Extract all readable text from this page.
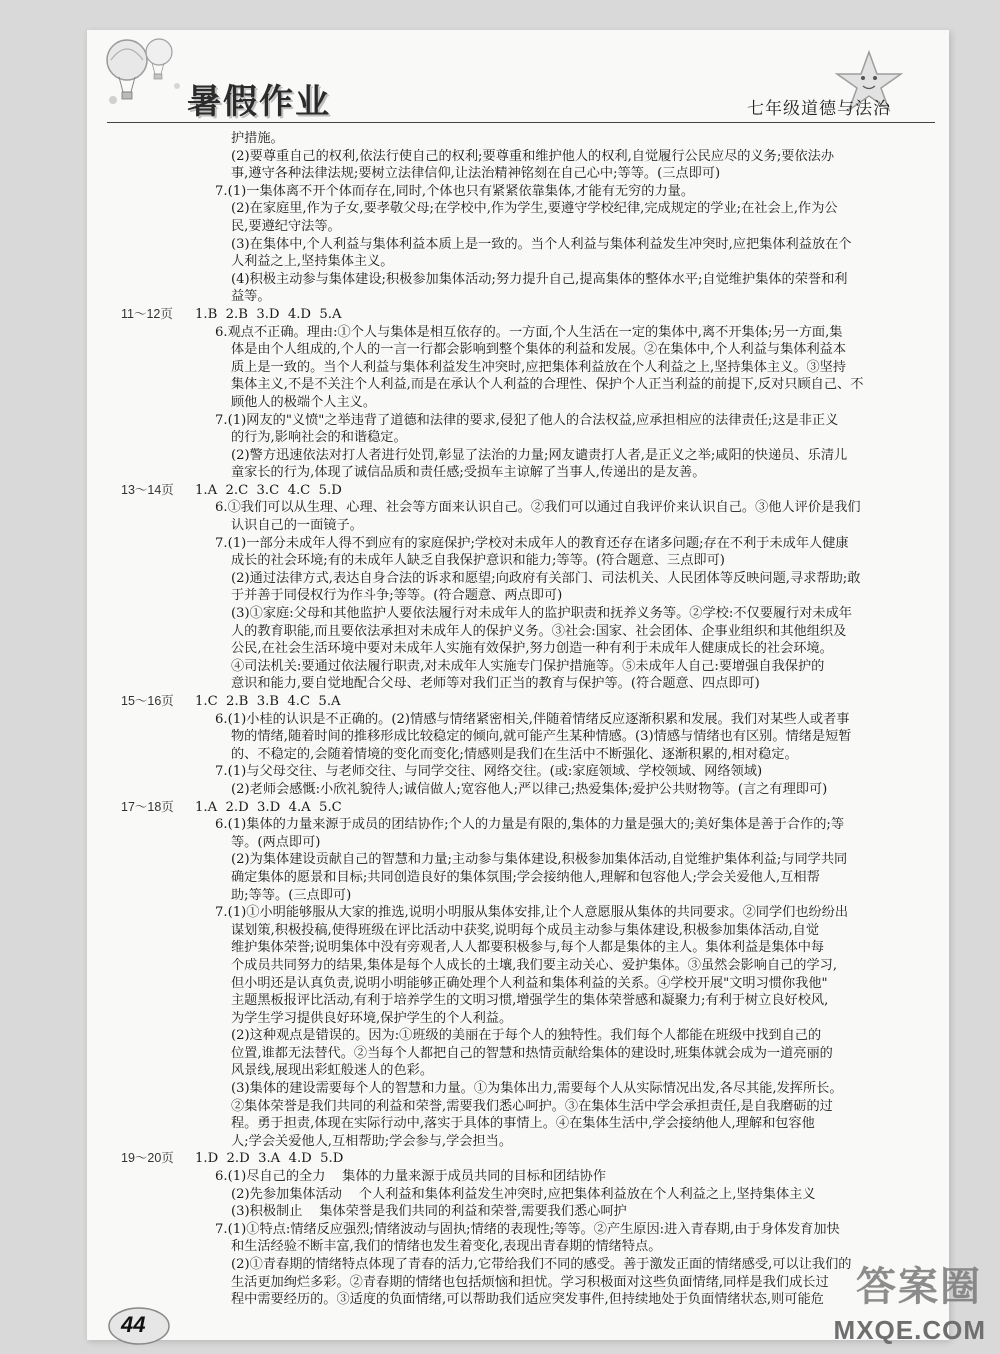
暑假作业	七年级道德与法治
护措施。
(2)要尊重自己的权利,依法行使自己的权利;要尊重和维护他人的权利,自觉履行公民应尽的义务;要依法办
事,遵守各种法律法规;要树立法律信仰,让法治精神铭刻在自己心中;等等。(三点即可)
7.(1)一集体离不开个体而存在,同时,个体也只有紧紧依靠集体,才能有无穷的力量。
(2)在家庭里,作为子女,要孝敬父母;在学校中,作为学生,要遵守学校纪律,完成规定的学业;在社会上,作为公
民,要遵纪守法等。
(3)在集体中,个人利益与集体利益本质上是一致的。当个人利益与集体利益发生冲突时,应把集体利益放在个
人利益之上,坚持集体主义。
(4)积极主动参与集体建设;积极参加集体活动;努力提升自己,提高集体的整体水平;自觉维护集体的荣誉和利
益等。
11～12页 1.B  2.B  3.D  4.D  5.A
6.观点不正确。理由:①个人与集体是相互依存的。一方面,个人生活在一定的集体中,离不开集体;另一方面,集
体是由个人组成的,个人的一言一行都会影响到整个集体的利益和发展。②在集体中,个人利益与集体利益本
质上是一致的。当个人利益与集体利益发生冲突时,应把集体利益放在个人利益之上,坚持集体主义。③坚持
集体主义,不是不关注个人利益,而是在承认个人利益的合理性、保护个人正当利益的前提下,反对只顾自己、不
顾他人的极端个人主义。
7.(1)网友的"义愤"之举违背了道德和法律的要求,侵犯了他人的合法权益,应承担相应的法律责任;这是非正义
的行为,影响社会的和谐稳定。
(2)警方迅速依法对打人者进行处罚,彰显了法治的力量;网友谴责打人者,是正义之举;咸阳的快递员、乐清儿
童家长的行为,体现了诚信品质和责任感;受损车主谅解了当事人,传递出的是友善。
13～14页 1.A  2.C  3.C  4.C  5.D
6.①我们可以从生理、心理、社会等方面来认识自己。②我们可以通过自我评价来认识自己。③他人评价是我们
认识自己的一面镜子。
7.(1)一部分未成年人得不到应有的家庭保护;学校对未成年人的教育还存在诸多问题;存在不利于未成年人健康
成长的社会环境;有的未成年人缺乏自我保护意识和能力;等等。(符合题意、三点即可)
(2)通过法律方式,表达自身合法的诉求和愿望;向政府有关部门、司法机关、人民团体等反映问题,寻求帮助;敢
于并善于同侵权行为作斗争;等等。(符合题意、两点即可)
(3)①家庭:父母和其他监护人要依法履行对未成年人的监护职责和抚养义务等。②学校:不仅要履行对未成年
人的教育职能,而且要依法承担对未成年人的保护义务。③社会:国家、社会团体、企事业组织和其他组织及
公民,在社会生活环境中要对未成年人实施有效保护,努力创造一种有利于未成年人健康成长的社会环境。
④司法机关:要通过依法履行职责,对未成年人实施专门保护措施等。⑤未成年人自己:要增强自我保护的
意识和能力,要自觉地配合父母、老师等对我们正当的教育与保护等。(符合题意、四点即可)
15～16页 1.C  2.B  3.B  4.C  5.A
6.(1)小桂的认识是不正确的。(2)情感与情绪紧密相关,伴随着情绪反应逐渐积累和发展。我们对某些人或者事
物的情绪,随着时间的推移形成比较稳定的倾向,就可能产生某种情感。(3)情感与情绪也有区别。情绪是短暂
的、不稳定的,会随着情境的变化而变化;情感则是我们在生活中不断强化、逐渐积累的,相对稳定。
7.(1)与父母交往、与老师交往、与同学交往、网络交往。(或:家庭领域、学校领域、网络领域)
(2)老师会感慨:小欣礼貌待人;诚信做人;宽容他人;严以律己;热爱集体;爱护公共财物等。(言之有理即可)
17～18页 1.A  2.D  3.D  4.A  5.C
6.(1)集体的力量来源于成员的团结协作;个人的力量是有限的,集体的力量是强大的;美好集体是善于合作的;等
等。(两点即可)
(2)为集体建设贡献自己的智慧和力量;主动参与集体建设,积极参加集体活动,自觉维护集体利益;与同学共同
确定集体的愿景和目标;共同创造良好的集体氛围;学会接纳他人,理解和包容他人;学会关爱他人,互相帮
助;等等。(三点即可)
7.(1)①小明能够服从大家的推选,说明小明服从集体安排,让个人意愿服从集体的共同要求。②同学们也纷纷出
谋划策,积极投稿,使得班级在评比活动中获奖,说明每个成员主动参与集体建设,积极参加集体活动,自觉
维护集体荣誉;说明集体中没有旁观者,人人都要积极参与,每个人都是集体的主人。集体利益是集体中每
个成员共同努力的结果,集体是每个人成长的土壤,我们要主动关心、爱护集体。③虽然会影响自己的学习,
但小明还是认真负责,说明小明能够正确处理个人利益和集体利益的关系。④学校开展"文明习惯你我他"
主题黑板报评比活动,有利于培养学生的文明习惯,增强学生的集体荣誉感和凝聚力;有利于树立良好校风,
为学生学习提供良好环境,保护学生的个人利益。
(2)这种观点是错误的。因为:①班级的美丽在于每个人的独特性。我们每个人都能在班级中找到自己的
位置,谁都无法替代。②当每个人都把自己的智慧和热情贡献给集体的建设时,班集体就会成为一道亮丽的
风景线,展现出彩虹般迷人的色彩。
(3)集体的建设需要每个人的智慧和力量。①为集体出力,需要每个人从实际情况出发,各尽其能,发挥所长。
②集体荣誉是我们共同的利益和荣誉,需要我们悉心呵护。③在集体生活中学会承担责任,是自我磨砺的过
程。勇于担责,体现在实际行动中,落实于具体的事情上。④在集体生活中,学会接纳他人,理解和包容他
人;学会关爱他人,互相帮助;学会参与,学会担当。
19～20页 1.D  2.D  3.A  4.D  5.D
6.(1)尽自己的全力    集体的力量来源于成员共同的目标和团结协作
(2)先参加集体活动    个人利益和集体利益发生冲突时,应把集体利益放在个人利益之上,坚持集体主义
(3)积极制止    集体荣誉是我们共同的利益和荣誉,需要我们悉心呵护
7.(1)①特点:情绪反应强烈;情绪波动与固执;情绪的表现性;等等。②产生原因:进入青春期,由于身体发育加快
和生活经验不断丰富,我们的情绪也发生着变化,表现出青春期的情绪特点。
(2)①青春期的情绪特点体现了青春的活力,它带给我们不同的感受。善于激发正面的情绪感受,可以让我们的
生活更加绚烂多彩。②青春期的情绪也包括烦恼和担忧。学习积极面对这些负面情绪,同样是我们成长过
程中需要经历的。③适度的负面情绪,可以帮助我们适应突发事件,但持续地处于负面情绪状态,则可能危
44
答案圈
MXQE.COM
